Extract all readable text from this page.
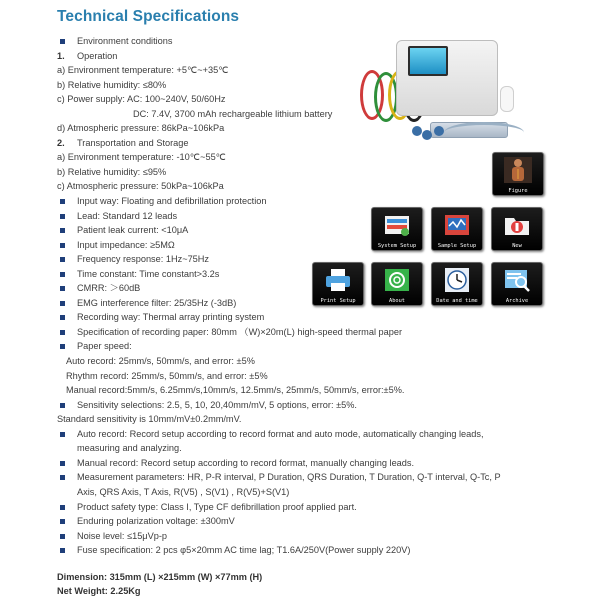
Technical Specifications
Environment conditions
1. Operation
a) Environment temperature: +5℃~+35℃
b) Relative humidity: ≤80%
c) Power supply: AC: 100~240V, 50/60Hz
DC: 7.4V, 3700 mAh rechargeable lithium battery
d) Atmospheric pressure: 86kPa~106kPa
2. Transportation and Storage
a) Environment temperature: -10℃~55℃
b) Relative humidity: ≤95%
c) Atmospheric pressure: 50kPa~106kPa
Input way: Floating and defibrillation protection
Lead: Standard 12 leads
Patient leak current: <10μA
Input impedance: ≥5MΩ
Frequency response: 1Hz~75Hz
Time constant: Time constant>3.2s
CMRR: ＞60dB
EMG interference filter: 25/35Hz (-3dB)
Recording way: Thermal array printing system
Specification of recording paper: 80mm （W)×20m(L) high-speed thermal paper
Paper speed:
Auto record: 25mm/s, 50mm/s, and error: ±5%
Rhythm record: 25mm/s, 50mm/s, and error: ±5%
Manual record:5mm/s, 6.25mm/s,10mm/s, 12.5mm/s, 25mm/s, 50mm/s, error:±5%.
Sensitivity selections: 2.5, 5, 10, 20,40mm/mV, 5 options, error: ±5%.
Standard sensitivity is 10mm/mV±0.2mm/mV.
Auto record: Record setup according to record format and auto mode, automatically changing leads,
measuring and analyzing.
Manual record: Record setup according to record format, manually changing leads.
Measurement parameters: HR, P-R interval, P Duration, QRS Duration, T Duration, Q-T interval, Q-Tc, P
Axis, QRS Axis, T Axis, R(V5) , S(V1) , R(V5)+S(V1)
Product safety type: Class I, Type CF defibrillation proof applied part.
Enduring polarization voltage: ±300mV
Noise level: ≤15μVp-p
Fuse specification: 2 pcs φ5×20mm AC time lag; T1.6A/250V(Power supply 220V)
Dimension: 315mm (L) ×215mm (W) ×77mm (H)
Net Weight: 2.25Kg
Figure
System Setup	Sample Setup	New
Print Setup	About	Date and time	Archive
